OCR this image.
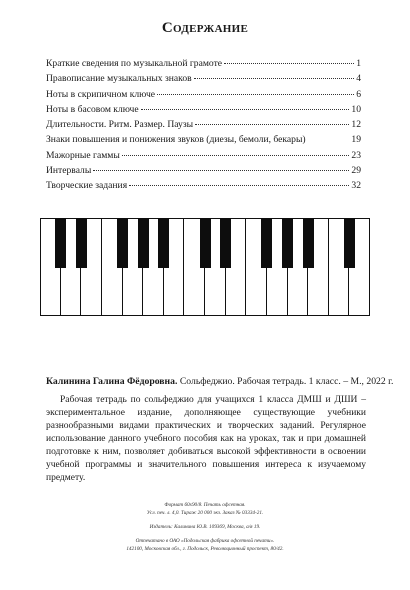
Содержание
Краткие сведения по музыкальной грамоте	1
Правописание музыкальных знаков	4
Ноты в скрипичном ключе	6
Ноты в басовом ключе	10
Длительности. Ритм. Размер. Паузы	12
Знаки повышения и понижения звуков (диезы, бемоли, бекары)	19
Мажорные гаммы	23
Интервалы	29
Творческие задания	32
Калинина Галина Фёдоровна. Сольфеджио. Рабочая тетрадь. 1 класс. – М., 2022 г.
Рабочая тетрадь по сольфеджио для учащихся 1 класса ДМШ и ДШИ – экспериментальное издание, дополняющее существующие учебники разнообразными видами практических и творческих заданий. Регулярное использование данного учебного пособия как на уроках, так и при домашней подготовке к ним, позволяет добиваться высокой эффективности в освоении учебной программы и значительного повышения интереса к изучаемому предмету.
Формат 60х90/8. Печать офсетная.
Усл. печ. л. 4,0. Тираж 20 000 экз. Заказ № 03334-21.
Издатель: Калинина Ю.В. 109369, Москва, а/я 19.
Отпечатано в ОАО «Подольская фабрика офсетной печати».
142100, Московская обл., г. Подольск, Революционный проспект, 80/42.
